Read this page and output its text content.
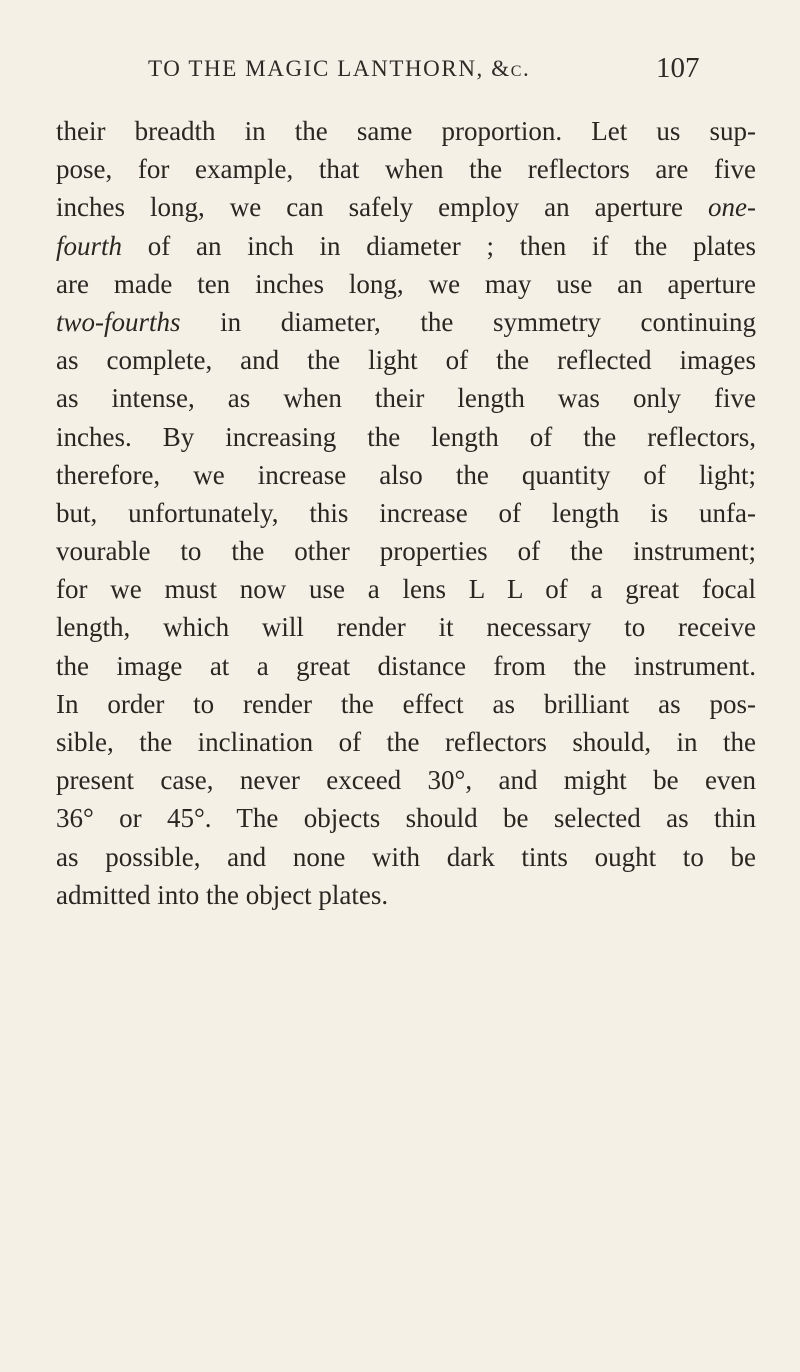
TO THE MAGIC LANTHORN, &c.	107
their breadth in the same proportion. Let us sup-
pose, for example, that when the reflectors are five
inches long, we can safely employ an aperture one-
fourth of an inch in diameter ; then if the plates
are made ten inches long, we may use an aperture
two-fourths in diameter, the symmetry continuing
as complete, and the light of the reflected images
as intense, as when their length was only five
inches. By increasing the length of the reflectors,
therefore, we increase also the quantity of light;
but, unfortunately, this increase of length is unfa-
vourable to the other properties of the instrument;
for we must now use a lens L L of a great focal
length, which will render it necessary to receive
the image at a great distance from the instrument.
In order to render the effect as brilliant as pos-
sible, the inclination of the reflectors should, in the
present case, never exceed 30°, and might be even
36° or 45°. The objects should be selected as thin
as possible, and none with dark tints ought to be
admitted into the object plates.
